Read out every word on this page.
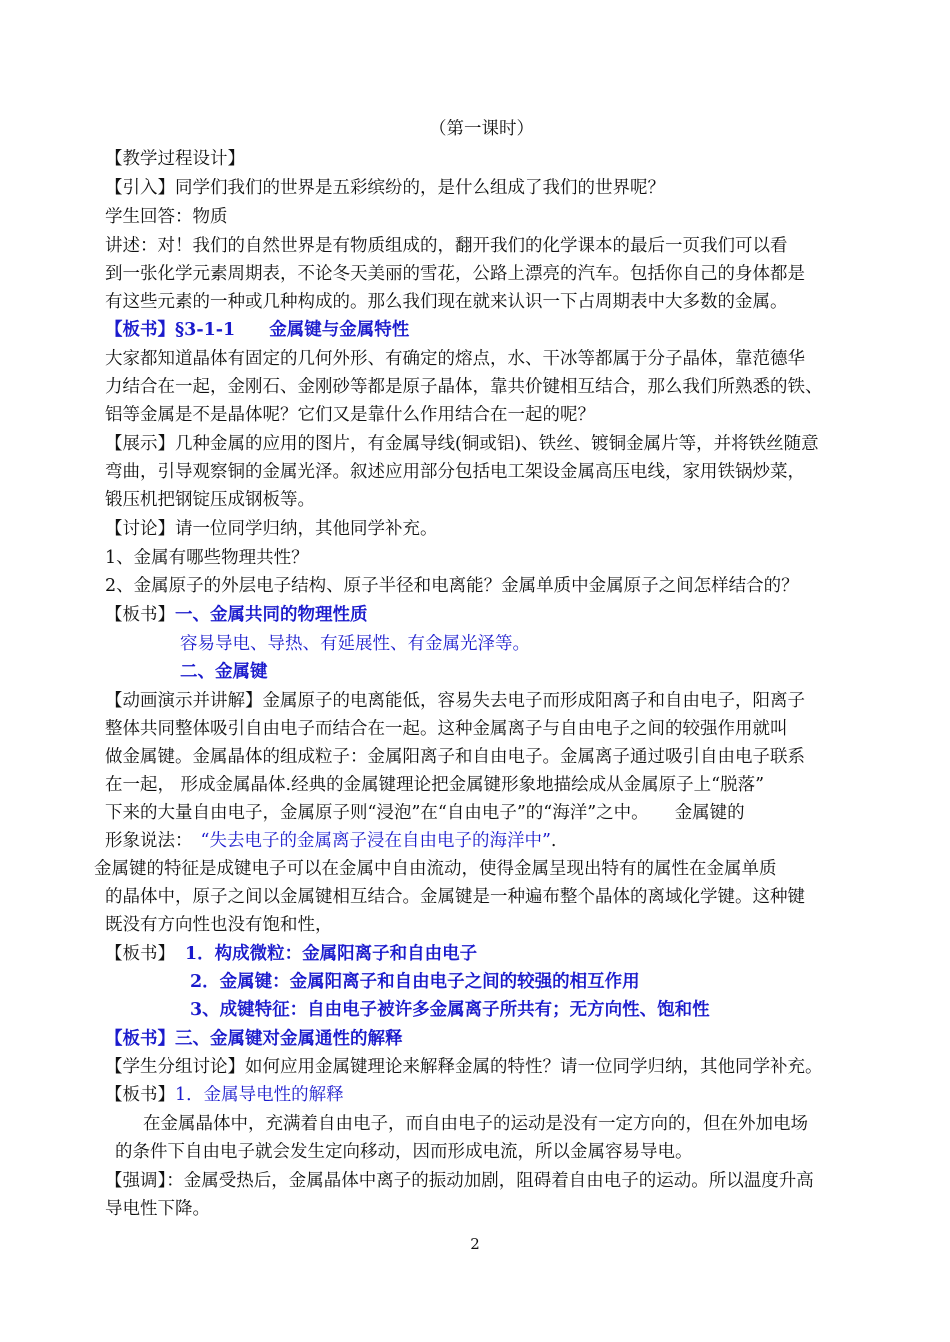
（第一课时）
【教学过程设计】
【引入】同学们我们的世界是五彩缤纷的，是什么组成了我们的世界呢？
学生回答：物质
讲述：对！我们的自然世界是有物质组成的，翻开我们的化学课本的最后一页我们可以看
到一张化学元素周期表，不论冬天美丽的雪花，公路上漂亮的汽车。包括你自己的身体都是
有这些元素的一种或几种构成的。那么我们现在就来认识一下占周期表中大多数的金属。
【板书】§3-1-1 金属键与金属特性
大家都知道晶体有固定的几何外形、有确定的熔点，水、干冰等都属于分子晶体，靠范德华
力结合在一起，金刚石、金刚砂等都是原子晶体，靠共价键相互结合，那么我们所熟悉的铁、
铝等金属是不是晶体呢？它们又是靠什么作用结合在一起的呢？
【展示】几种金属的应用的图片，有金属导线(铜或铝)、铁丝、镀铜金属片等，并将铁丝随意
弯曲，引导观察铜的金属光泽。叙述应用部分包括电工架设金属高压电线，家用铁锅炒菜，
锻压机把钢锭压成钢板等。
【讨论】请一位同学归纳，其他同学补充。
1、金属有哪些物理共性？
2、金属原子的外层电子结构、原子半径和电离能？金属单质中金属原子之间怎样结合的？
【板书】一、金属共同的物理性质
容易导电、导热、有延展性、有金属光泽等。
二、金属键
【动画演示并讲解】金属原子的电离能低，容易失去电子而形成阳离子和自由电子，阳离子
整体共同整体吸引自由电子而结合在一起。这种金属离子与自由电子之间的较强作用就叫
做金属键。金属晶体的组成粒子：金属阳离子和自由电子。金属离子通过吸引自由电子联系
在一起， 形成金属晶体.经典的金属键理论把金属键形象地描绘成从金属原子上“脱落”
下来的大量自由电子，金属原子则“浸泡”在“自由电子”的“海洋”之中。 金属键的
形象说法： “失去电子的金属离子浸在自由电子的海洋中”.
金属键的特征是成键电子可以在金属中自由流动，使得金属呈现出特有的属性在金属单质
的晶体中，原子之间以金属键相互结合。金属键是一种遍布整个晶体的离域化学键。这种键
既没有方向性也没有饱和性，
【板书】 1．构成微粒：金属阳离子和自由电子
2．金属键：金属阳离子和自由电子之间的较强的相互作用
3、成键特征：自由电子被许多金属离子所共有；无方向性、饱和性
【板书】三、金属键对金属通性的解释
【学生分组讨论】如何应用金属键理论来解释金属的特性？请一位同学归纳，其他同学补充。
【板书】1．金属导电性的解释
在金属晶体中，充满着自由电子，而自由电子的运动是没有一定方向的，但在外加电场
的条件下自由电子就会发生定向移动，因而形成电流，所以金属容易导电。
【强调】：金属受热后，金属晶体中离子的振动加剧，阻碍着自由电子的运动。所以温度升高
导电性下降。
2
